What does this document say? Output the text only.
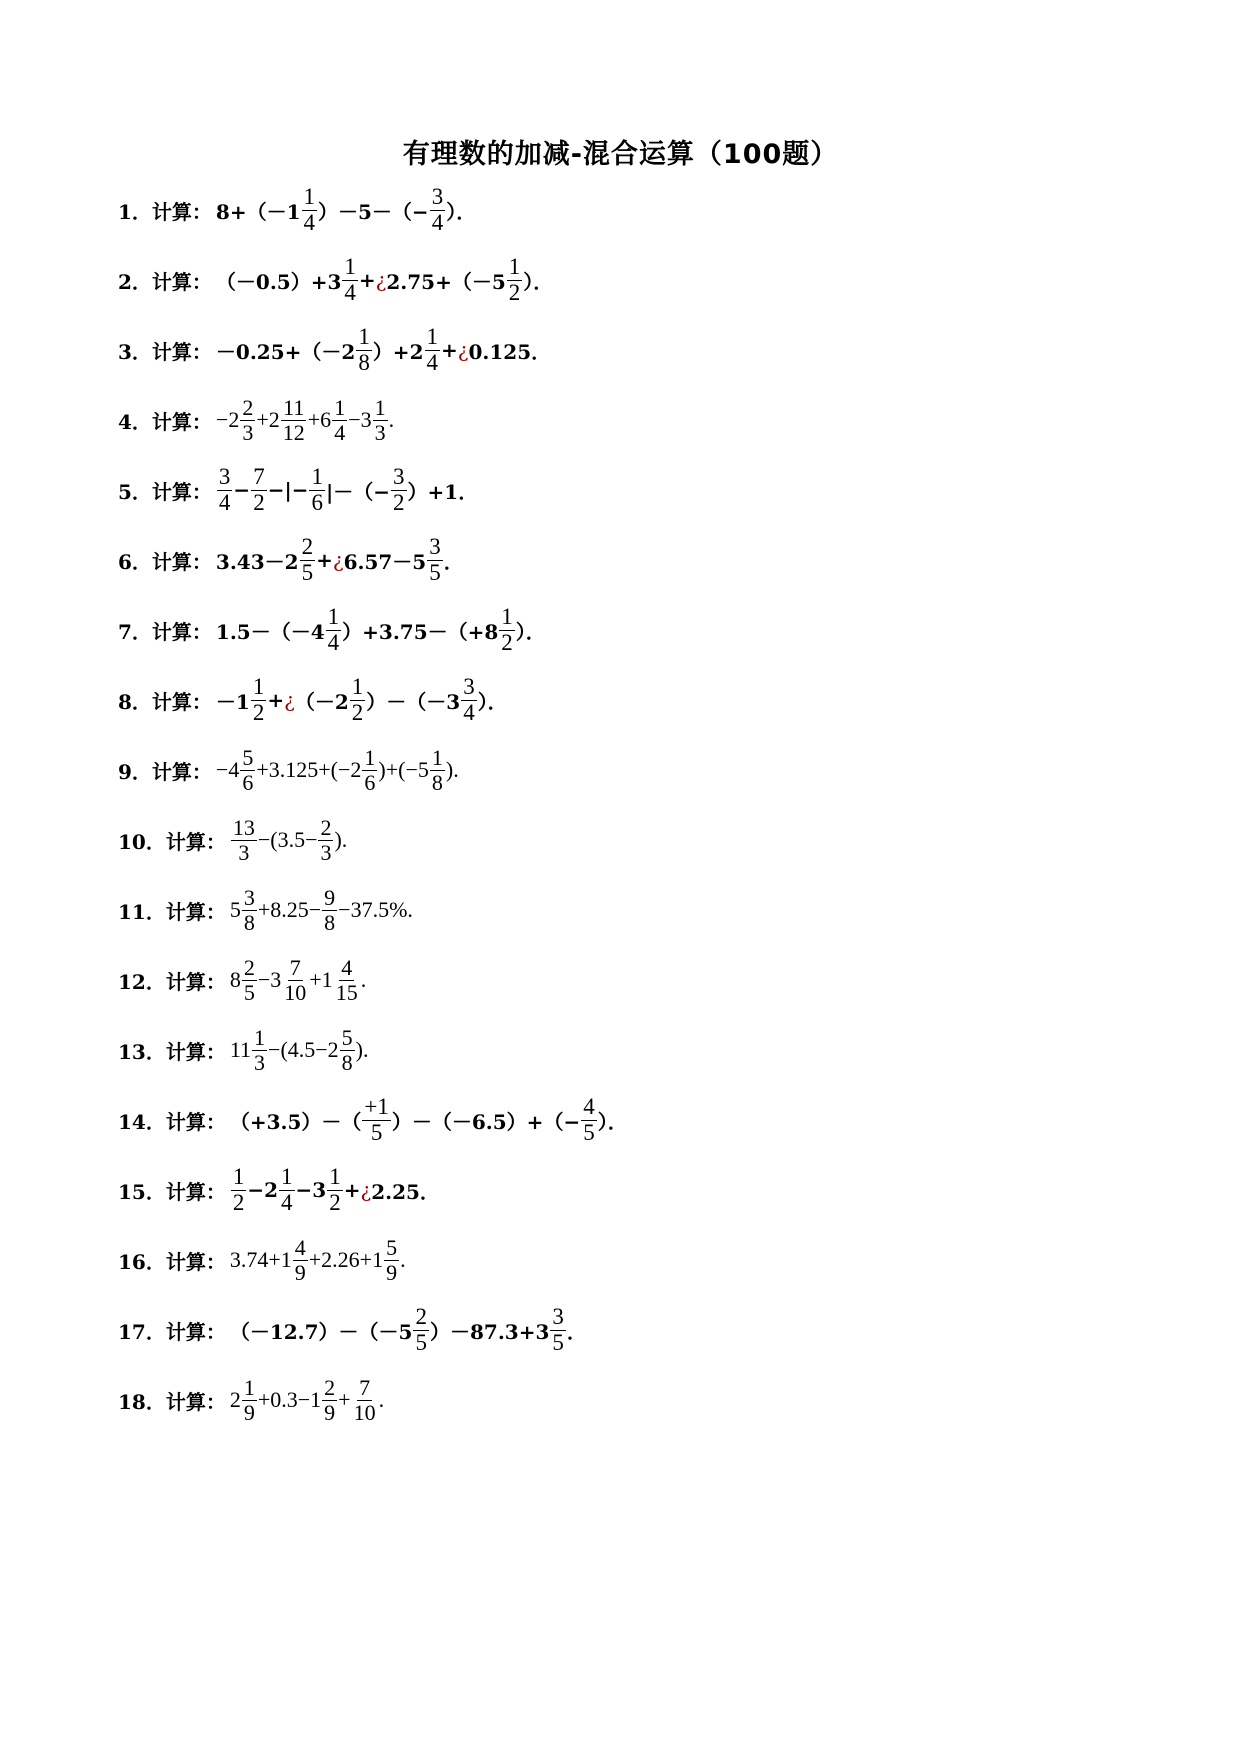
有理数的加减-混合运算（100题）
1． 计算： $8+(-1 \frac{1}{4} )-5-(- \frac{3}{4}$ ）．
2． 计算： $(-0.5)+3 \frac{1}{4}$ + ¿ $2.75+(-5 \frac{1}{2}$ ）．
3． 计算： $-0.25+(-2 \frac{1}{8} )+2 \frac{1}{4}$ + ¿ 0.125．
4． 计算： $-2 \frac{2}{3} +2 \frac{11}{12} +6 \frac{1}{4} -3 \frac{1}{3}$ .
5． 计算： $\frac{3}{4} - \frac{7}{2}$ −|− $\frac{1}{6}$ |－（− $\frac{3}{2} )+1$．
6． 计算： $3.43-2 \frac{2}{5}$ + ¿ $6.57-5 \frac{3}{5}$ ．
7． 计算： $1.5-(-4 \frac{1}{4} )+3.75-(+8 \frac{1}{2}$ ）．
8． 计算： $-1 \frac{1}{2}$ + ¿ $(-2 \frac{1}{2} )-(-3 \frac{3}{4}$ ）．
9． 计算： $-4 \frac{5}{6} +3.125+(-2 \frac{1}{6} )+(-5 \frac{1}{8}$ ).
10． 计算： $\frac{13}{3} -(3.5- \frac{2}{3}$ ).
11． 计算： $5 \frac{3}{8} +8.25- \frac{9}{8} -37.5\%$.
12． 计算： $8 \frac{2}{5} -3 \frac{7}{10} +1 \frac{4}{15}$ .
13． 计算： $11 \frac{1}{3} -(4.5-2 \frac{5}{8}$ ).
14． 计算： $(+3.5)-( \frac{+1}{5} )-(-6.5)+(- \frac{4}{5}$ ）．
15． 计算： $\frac{1}{2} -2 \frac{1}{4} -3 \frac{1}{2}$ + ¿ 2.25．
16． 计算： $3.74+1 \frac{4}{9} +2.26+1 \frac{5}{9}$ .
17． 计算： $(-12.7)-(-5 \frac{2}{5} )-87.3+3 \frac{3}{5}$ ．
18． 计算： $2 \frac{1}{9} +0.3-1 \frac{2}{9} + \frac{7}{10}$ .
